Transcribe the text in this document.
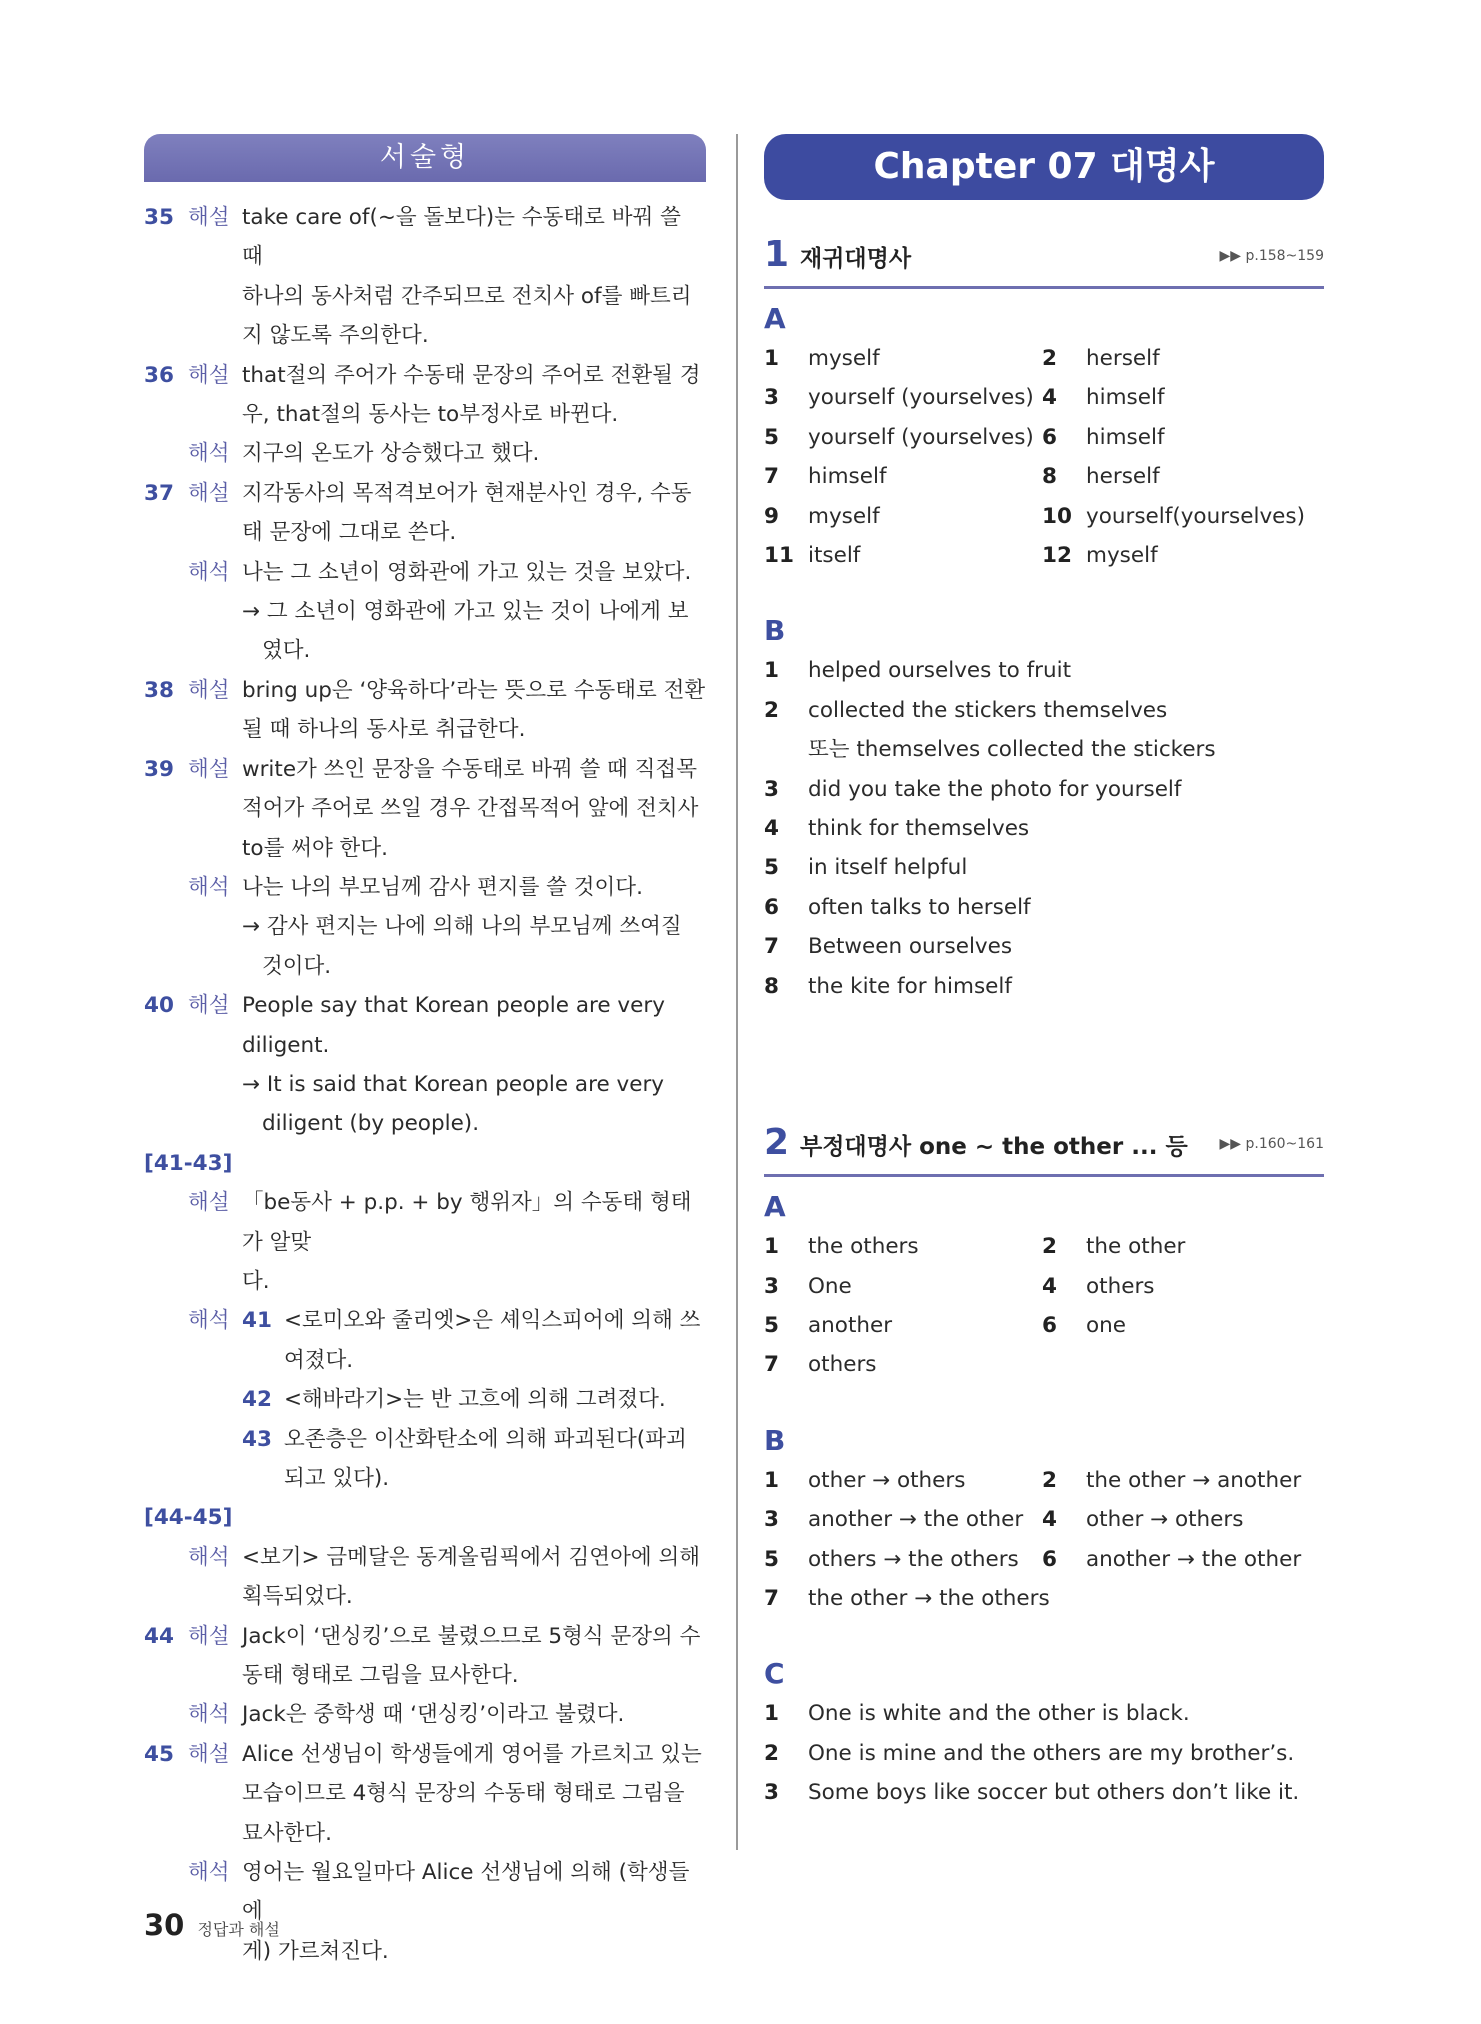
서술형
35 해설 take care of(~을 돌보다)는 수동태로 바꿔 쓸 때
하나의 동사처럼 간주되므로 전치사 of를 빠트리
지 않도록 주의한다.
36 해설 that절의 주어가 수동태 문장의 주어로 전환될 경
우, that절의 동사는 to부정사로 바뀐다.
해석 지구의 온도가 상승했다고 했다.
37 해설 지각동사의 목적격보어가 현재분사인 경우, 수동
태 문장에 그대로 쓴다.
해석 나는 그 소년이 영화관에 가고 있는 것을 보았다.
→ 그 소년이 영화관에 가고 있는 것이 나에게 보
였다.
38 해설 bring up은 ‘양육하다’라는 뜻으로 수동태로 전환
될 때 하나의 동사로 취급한다.
39 해설 write가 쓰인 문장을 수동태로 바꿔 쓸 때 직접목
적어가 주어로 쓰일 경우 간접목적어 앞에 전치사
to를 써야 한다.
해석 나는 나의 부모님께 감사 편지를 쓸 것이다.
→ 감사 편지는 나에 의해 나의 부모님께 쓰여질
것이다.
40 해설 People say that Korean people are very
diligent.
→ It is said that Korean people are very
diligent (by people).
[41-43]
해설 「be동사 + p.p. + by 행위자」의 수동태 형태가 알맞
다.
해석 41 <로미오와 줄리엣>은 셰익스피어에 의해 쓰
여졌다.
42 <해바라기>는 반 고흐에 의해 그려졌다.
43 오존층은 이산화탄소에 의해 파괴된다(파괴
되고 있다).
[44-45]
해석 <보기> 금메달은 동계올림픽에서 김연아에 의해
획득되었다.
44 해설 Jack이 ‘댄싱킹’으로 불렸으므로 5형식 문장의 수
동태 형태로 그림을 묘사한다.
해석 Jack은 중학생 때 ‘댄싱킹’이라고 불렸다.
45 해설 Alice 선생님이 학생들에게 영어를 가르치고 있는
모습이므로 4형식 문장의 수동태 형태로 그림을
묘사한다.
해석 영어는 월요일마다 Alice 선생님에 의해 (학생들에
게) 가르쳐진다.
Chapter 07 대명사
1 재귀대명사	▶▶ p.158~159
A
1 myself	2 herself
3 yourself (yourselves) 4 himself
5 yourself (yourselves) 6 himself
7 himself	8 herself
9 myself	10 yourself(yourselves)
11 itself	12 myself
B
1 helped ourselves to fruit
2 collected the stickers themselves
또는 themselves collected the stickers
3 did you take the photo for yourself
4 think for themselves
5 in itself helpful
6 often talks to herself
7 Between ourselves
8 the kite for himself
2 부정대명사 one ~ the other ... 등 ▶▶ p.160~161
A
1 the others	2 the other
3 One	4 others
5 another	6 one
7 others
B
1 other → others	2 the other → another
3 another → the other 4 other → others
5 others → the others	6 another → the other
7 the other → the others
C
1 One is white and the other is black.
2 One is mine and the others are my brother’s.
3 Some boys like soccer but others don’t like it.
30 정답과 해설
